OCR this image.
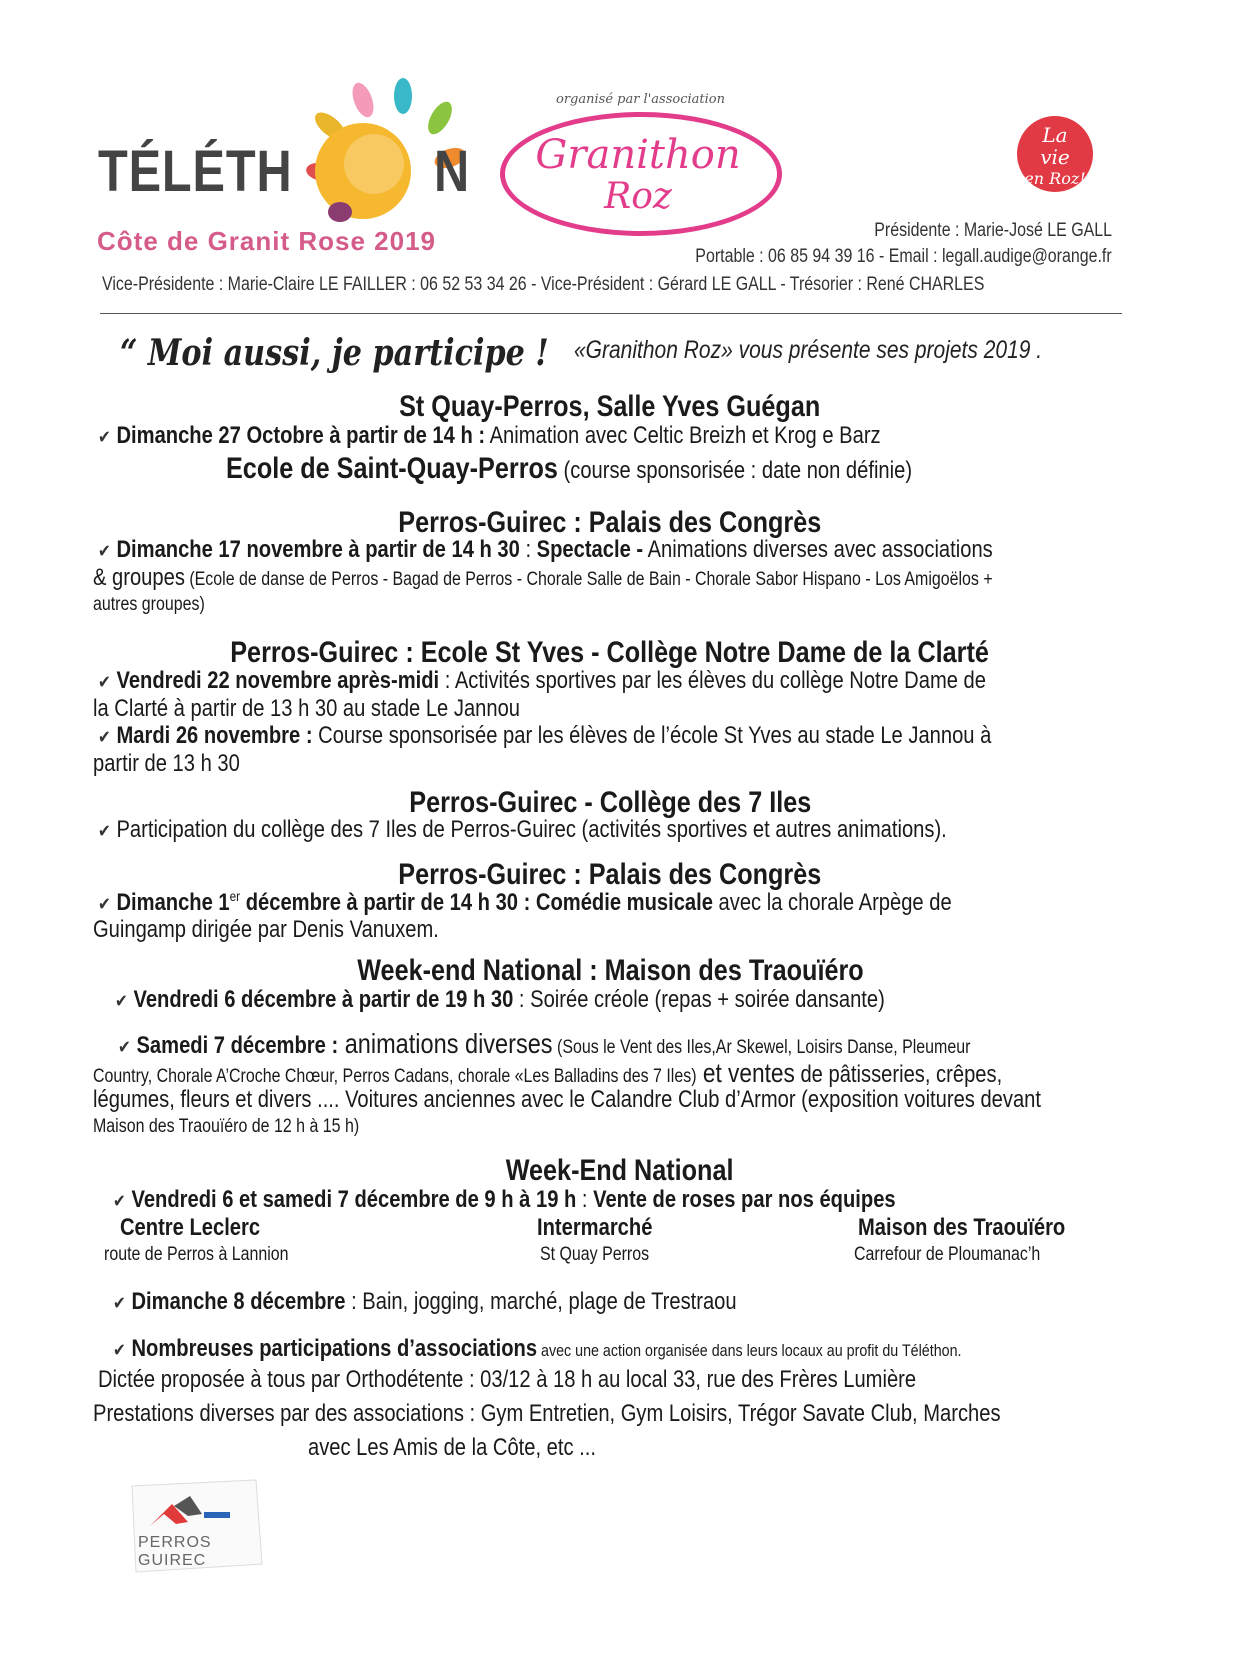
TÉLÉTH N
Côte de Granit Rose 2019
organisé par l'association
Granithon
Roz
La
vie
en Roz!
Présidente : Marie-José LE GALL
Portable : 06 85 94 39 16 - Email : legall.audige@orange.fr
Vice-Présidente : Marie-Claire LE FAILLER : 06 52 53 34 26 - Vice-Président : Gérard LE GALL - Trésorier : René CHARLES
“ Moi aussi, je participe !	«Granithon Roz» vous présente ses projets 2019 .
St Quay-Perros, Salle Yves Guégan
✔ Dimanche 27 Octobre à partir de 14 h : Animation avec Celtic Breizh et Krog e Barz
Ecole de Saint-Quay-Perros (course sponsorisée : date non définie)
Perros-Guirec : Palais des Congrès
✔ Dimanche 17 novembre à partir de 14 h 30 : Spectacle - Animations diverses avec associations
& groupes (Ecole de danse de Perros - Bagad de Perros - Chorale Salle de Bain - Chorale Sabor Hispano - Los Amigoëlos +
autres groupes)
Perros-Guirec : Ecole St Yves - Collège Notre Dame de la Clarté
✔ Vendredi 22 novembre après-midi : Activités sportives par les élèves du collège Notre Dame de
la Clarté à partir de 13 h 30 au stade Le Jannou
✔ Mardi 26 novembre : Course sponsorisée par les élèves de l’école St Yves au stade Le Jannou à
partir de 13 h 30
Perros-Guirec - Collège des 7 Iles
✔ Participation du collège des 7 Iles de Perros-Guirec (activités sportives et autres animations).
Perros-Guirec : Palais des Congrès
✔ Dimanche 1er décembre à partir de 14 h 30 : Comédie musicale avec la chorale Arpège de
Guingamp dirigée par Denis Vanuxem.
Week-end National : Maison des Traouïéro
✔ Vendredi 6 décembre à partir de 19 h 30 : Soirée créole (repas + soirée dansante)
✔ Samedi 7 décembre : animations diverses (Sous le Vent des Iles,Ar Skewel, Loisirs Danse, Pleumeur
Country, Chorale A’Croche Chœur, Perros Cadans, chorale «Les Balladins des 7 Iles) et ventes de pâtisseries, crêpes,
légumes, fleurs et divers .... Voitures anciennes avec le Calandre Club d’Armor (exposition voitures devant
Maison des Traouïéro de 12 h à 15 h)
Week-End National
✔ Vendredi 6 et samedi 7 décembre de 9 h à 19 h : Vente de roses par nos équipes
Centre Leclerc
route de Perros à Lannion
Intermarché
St Quay Perros
Maison des Traouïéro
Carrefour de Ploumanac’h
✔ Dimanche 8 décembre : Bain, jogging, marché, plage de Trestraou
✔ Nombreuses participations d’associations avec une action organisée dans leurs locaux au profit du Téléthon.
Dictée proposée à tous par Orthodétente : 03/12 à 18 h au local 33, rue des Frères Lumière
Prestations diverses par des associations : Gym Entretien, Gym Loisirs, Trégor Savate Club, Marches
avec Les Amis de la Côte, etc ...
PERROS GUIREC
